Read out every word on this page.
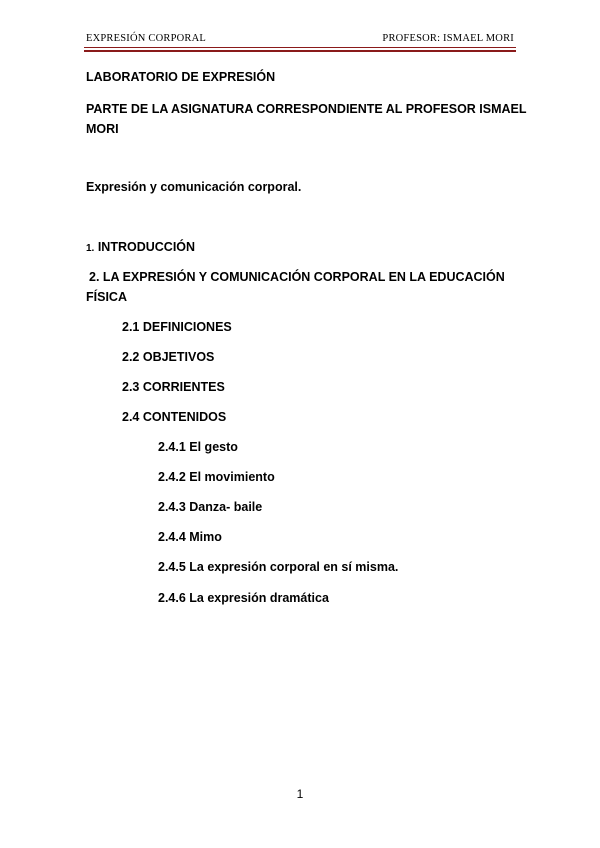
EXPRESIÓN CORPORAL	PROFESOR: ISMAEL MORI
LABORATORIO DE EXPRESIÓN
PARTE DE LA ASIGNATURA CORRESPONDIENTE AL PROFESOR ISMAEL
MORI
Expresión y comunicación corporal.
1. INTRODUCCIÓN
2. LA EXPRESIÓN Y COMUNICACIÓN CORPORAL EN LA EDUCACIÓN
FÍSICA
2.1 DEFINICIONES
2.2 OBJETIVOS
2.3 CORRIENTES
2.4 CONTENIDOS
2.4.1 El gesto
2.4.2 El movimiento
2.4.3 Danza- baile
2.4.4 Mimo
2.4.5 La expresión corporal en sí misma.
2.4.6 La expresión dramática
1
